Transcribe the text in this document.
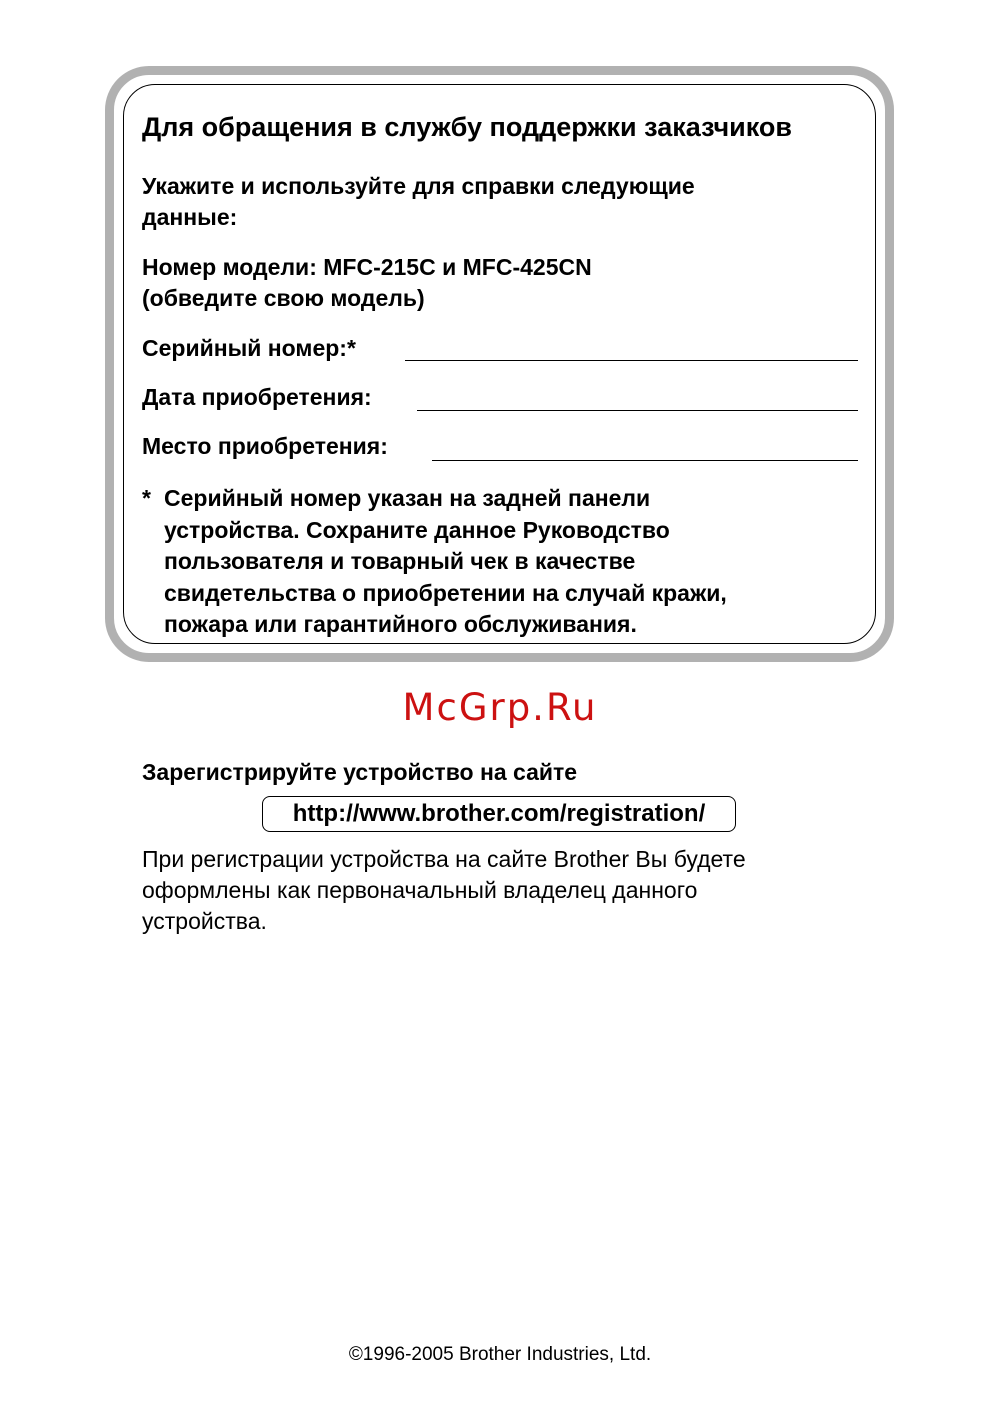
Для обращения в службу поддержки заказчиков
Укажите и используйте для справки следующие
данные:
Номер модели: MFC-215C и MFC-425CN
(обведите свою модель)
Серийный номер:*
Дата приобретения:
Место приобретения:
* Серийный номер указан на задней панели
устройства. Сохраните данное Руководство
пользователя и товарный чек в качестве
свидетельства о приобретении на случай кражи,
пожара или гарантийного обслуживания.
McGrp.Ru
Зарегистрируйте устройство на сайте
http://www.brother.com/registration/
При регистрации устройства на сайте Brother Вы будете
оформлены как первоначальный владелец данного
устройства.
©1996-2005 Brother Industries, Ltd.
